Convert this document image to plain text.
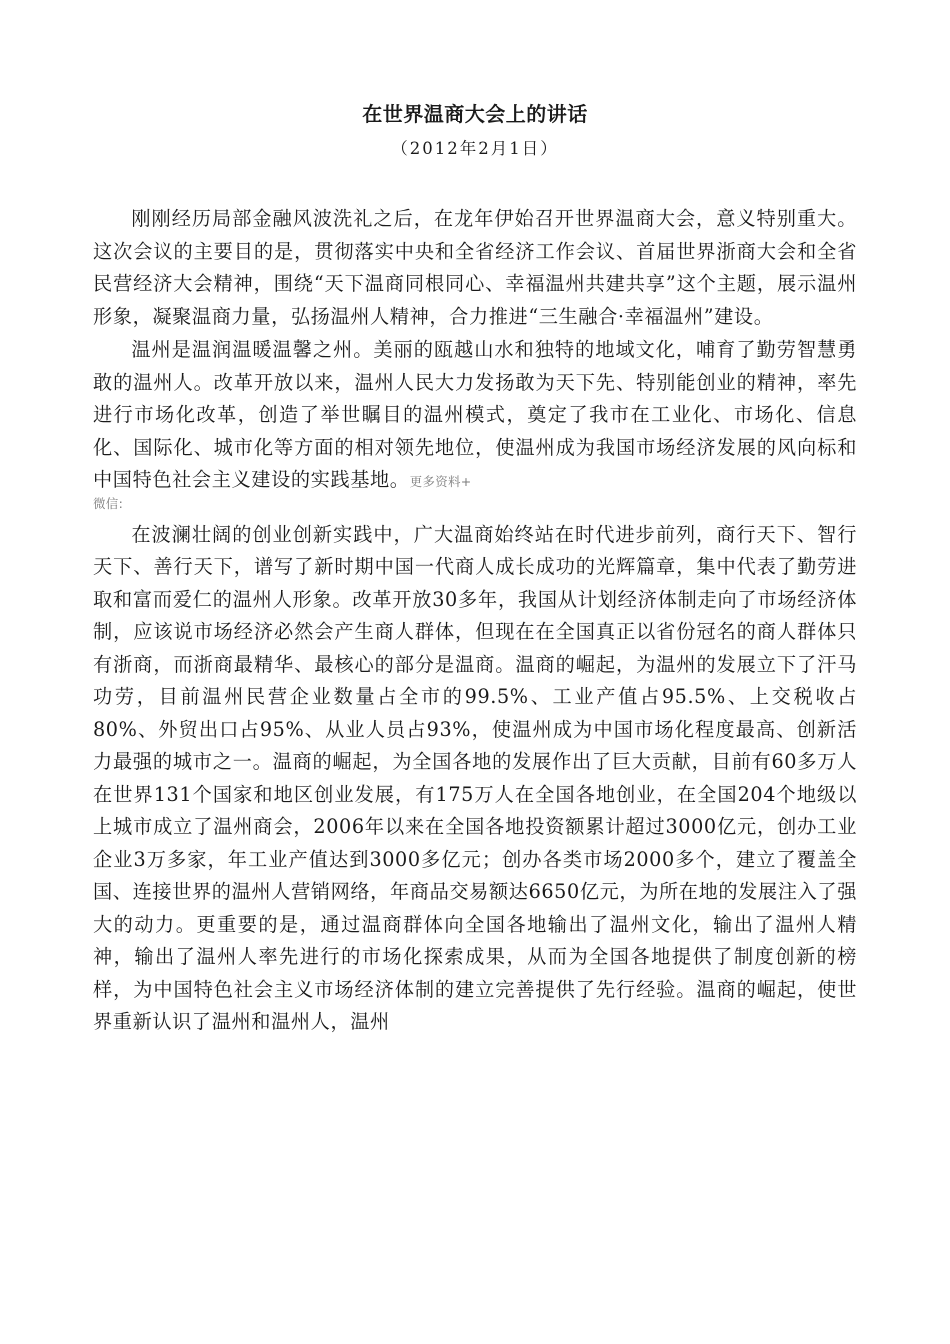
在世界温商大会上的讲话
（2012年2月1日）

刚刚经历局部金融风波洗礼之后，在龙年伊始召开世界温商大会，意义特别重大。这次会议的主要目的是，贯彻落实中央和全省经济工作会议、首届世界浙商大会和全省民营经济大会精神，围绕“天下温商同根同心、幸福温州共建共享”这个主题，展示温州形象，凝聚温商力量，弘扬温州人精神，合力推进“三生融合·幸福温州”建设。

温州是温润温暖温馨之州。美丽的瓯越山水和独特的地域文化，哺育了勤劳智慧勇敢的温州人。改革开放以来，温州人民大力发扬敢为天下先、特别能创业的精神，率先进行市场化改革，创造了举世瞩目的温州模式，奠定了我市在工业化、市场化、信息化、国际化、城市化等方面的相对领先地位，使温州成为我国市场经济发展的风向标和中国特色社会主义建设的实践基地。更多资料+

微信:

在波澜壮阔的创业创新实践中，广大温商始终站在时代进步前列，商行天下、智行天下、善行天下，谱写了新时期中国一代商人成长成功的光辉篇章，集中代表了勤劳进取和富而爱仁的温州人形象。改革开放30多年，我国从计划经济体制走向了市场经济体制，应该说市场经济必然会产生商人群体，但现在在全国真正以省份冠名的商人群体只有浙商，而浙商最精华、最核心的部分是温商。温商的崛起，为温州的发展立下了汗马功劳，目前温州民营企业数量占全市的99.5%、工业产值占95.5%、上交税收占80%、外贸出口占95%、从业人员占93%，使温州成为中国市场化程度最高、创新活力最强的城市之一。温商的崛起，为全国各地的发展作出了巨大贡献，目前有60多万人在世界131个国家和地区创业发展，有175万人在全国各地创业，在全国204个地级以上城市成立了温州商会，2006年以来在全国各地投资额累计超过3000亿元，创办工业企业3万多家，年工业产值达到3000多亿元；创办各类市场2000多个，建立了覆盖全国、连接世界的温州人营销网络，年商品交易额达6650亿元，为所在地的发展注入了强大的动力。更重要的是，通过温商群体向全国各地输出了温州文化，输出了温州人精神，输出了温州人率先进行的市场化探索成果，从而为全国各地提供了制度创新的榜样，为中国特色社会主义市场经济体制的建立完善提供了先行经验。温商的崛起，使世界重新认识了温州和温州人，温州
